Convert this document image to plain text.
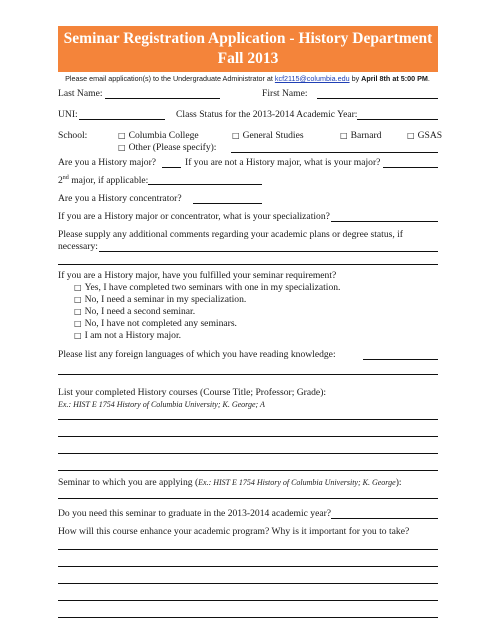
Seminar Registration Application - History Department
Fall 2013
Please email application(s) to the Undergraduate Administrator at kcf2115@columbia.edu by April 8th at 5:00 PM.
Last Name:	First Name:
UNI:	Class Status for the 2013-2014 Academic Year:
School:	□ Columbia College	□ General Studies	□ Barnard	□ GSAS
□ Other (Please specify):
Are you a History major?	If you are not a History major, what is your major?
2nd major, if applicable:
Are you a History concentrator?
If you are a History major or concentrator, what is your specialization?
Please supply any additional comments regarding your academic plans or degree status, if
necessary:
If you are a History major, have you fulfilled your seminar requirement?
□ Yes, I have completed two seminars with one in my specialization.
□ No, I need a seminar in my specialization.
□ No, I need a second seminar.
□ No, I have not completed any seminars.
□ I am not a History major.
Please list any foreign languages of which you have reading knowledge:
List your completed History courses (Course Title; Professor; Grade):
Ex.: HIST E 1754 History of Columbia University; K. George; A
Seminar to which you are applying (Ex.: HIST E 1754 History of Columbia University; K. George):
Do you need this seminar to graduate in the 2013-2014 academic year?
How will this course enhance your academic program? Why is it important for you to take?
